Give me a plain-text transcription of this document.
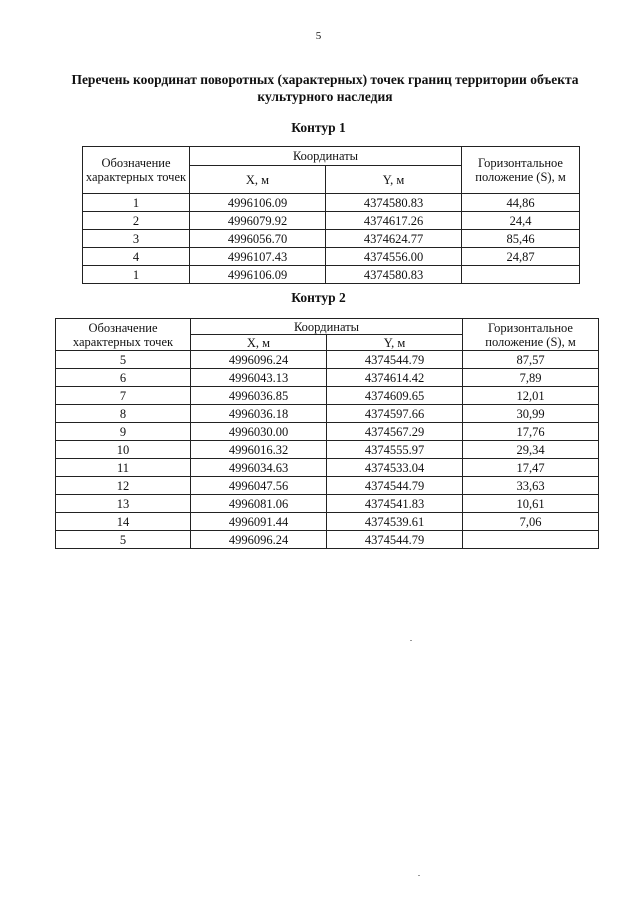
5
Перечень координат поворотных (характерных) точек границ территории объекта культурного наследия
Контур 1
Обозначение характерных точек	Координаты		Горизонтальное положение (S), м
	X, м	Y, м	
1	4996106.09	4374580.83	44,86
2	4996079.92	4374617.26	24,4
3	4996056.70	4374624.77	85,46
4	4996107.43	4374556.00	24,87
1	4996106.09	4374580.83	
Контур 2
Обозначение характерных точек	Координаты		Горизонтальное положение (S), м
	X, м	Y, м	
5	4996096.24	4374544.79	87,57
6	4996043.13	4374614.42	7,89
7	4996036.85	4374609.65	12,01
8	4996036.18	4374597.66	30,99
9	4996030.00	4374567.29	17,76
10	4996016.32	4374555.97	29,34
11	4996034.63	4374533.04	17,47
12	4996047.56	4374544.79	33,63
13	4996081.06	4374541.83	10,61
14	4996091.44	4374539.61	7,06
5	4996096.24	4374544.79	
